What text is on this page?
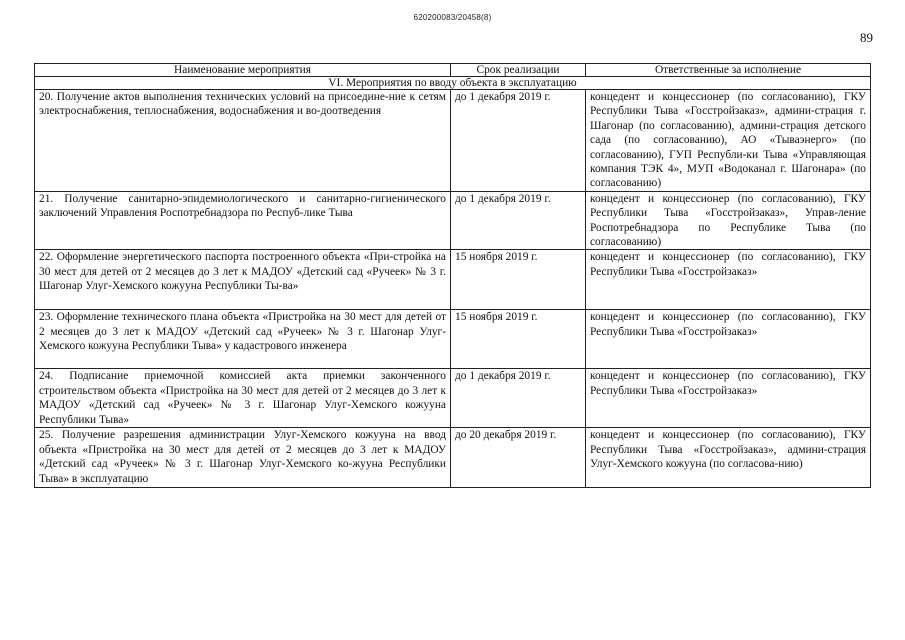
620200083/20458(8)
89
Наименование мероприятия	Срок реализации	Ответственные за исполнение
VI. Мероприятия по вводу объекта в эксплуатацию		
20. Получение актов выполнения технических условий на присоедине-ние к сетям электроснабжения, теплоснабжения, водоснабжения и во-доотведения	до 1 декабря 2019 г.	концедент и концессионер (по согласованию), ГКУ Республики Тыва «Госстройзаказ», админи-страция г. Шагонар (по согласованию), админи-страция детского сада (по согласованию), АО «Тываэнерго» (по согласованию), ГУП Республи-ки Тыва «Управляющая компания ТЭК 4», МУП «Водоканал г. Шагонара» (по согласованию)
21. Получение санитарно-эпидемиологического и санитарно-гигиенического заключений Управления Роспотребнадзора по Респуб-лике Тыва	до 1 декабря 2019 г.	концедент и концессионер (по согласованию), ГКУ Республики Тыва «Госстройзаказ», Управ-ление Роспотребнадзора по Республике Тыва (по согласованию)
22. Оформление энергетического паспорта построенного объекта «При-стройка на 30 мест для детей от 2 месяцев до 3 лет к МАДОУ «Детский сад «Ручеек» № 3 г. Шагонар Улуг-Хемского кожууна Республики Ты-ва»	15 ноября 2019 г.	концедент и концессионер (по согласованию), ГКУ Республики Тыва «Госстройзаказ»
23. Оформление технического плана объекта «Пристройка на 30 мест для детей от 2 месяцев до 3 лет к МАДОУ «Детский сад «Ручеек» № 3 г. Шагонар Улуг-Хемского кожууна Республики Тыва» у кадастрового инженера	15 ноября 2019 г.	концедент и концессионер (по согласованию), ГКУ Республики Тыва «Госстройзаказ»
24. Подписание приемочной комиссией акта приемки законченного строительством объекта «Пристройка на 30 мест для детей от 2 месяцев до 3 лет к МАДОУ «Детский сад «Ручеек» № 3 г. Шагонар Улуг-Хемского кожууна Республики Тыва»	до 1 декабря 2019 г.	концедент и концессионер (по согласованию), ГКУ Республики Тыва «Госстройзаказ»
25. Получение разрешения администрации Улуг-Хемского кожууна на ввод объекта «Пристройка на 30 мест для детей от 2 месяцев до 3 лет к МАДОУ «Детский сад «Ручеек» № 3 г. Шагонар Улуг-Хемского ко-жууна Республики Тыва» в эксплуатацию	до 20 декабря 2019 г.	концедент и концессионер (по согласованию), ГКУ Республики Тыва «Госстройзаказ», админи-страция Улуг-Хемского кожууна (по согласова-нию)
